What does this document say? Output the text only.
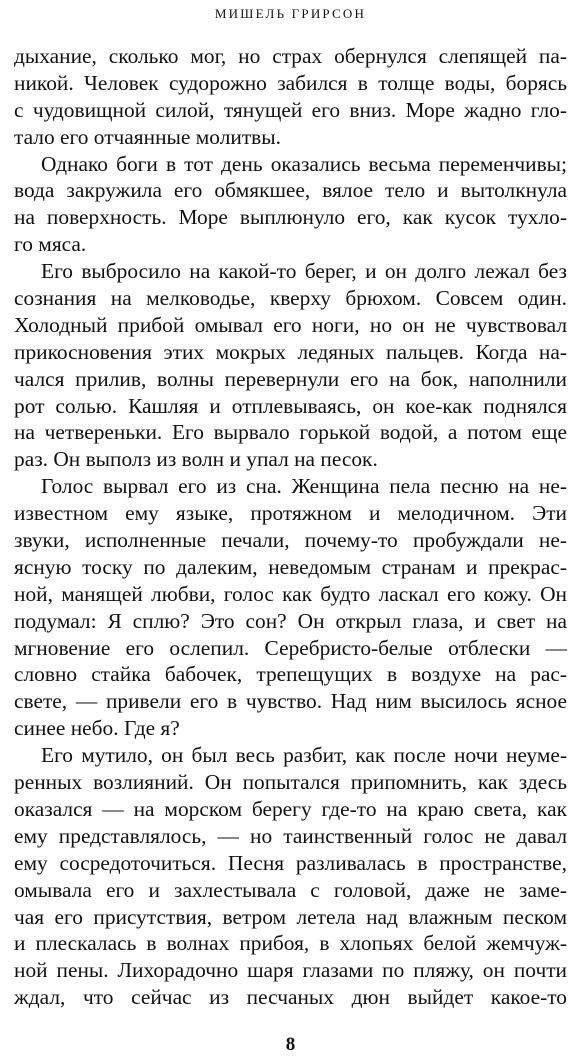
МИШЕЛЬ ГРИРСОН
дыхание, сколько мог, но страх обернулся слепящей па-
никой. Человек судорожно забился в толще воды, борясь
с чудовищной силой, тянущей его вниз. Море жадно гло-
тало его отчаянные молитвы.
Однако боги в тот день оказались весьма переменчивы;
вода закружила его обмякшее, вялое тело и вытолкнула
на поверхность. Море выплюнуло его, как кусок тухло-
го мяса.
Его выбросило на какой-то берег, и он долго лежал без
сознания на мелководье, кверху брюхом. Совсем один.
Холодный прибой омывал его ноги, но он не чувствовал
прикосновения этих мокрых ледяных пальцев. Когда на-
чался прилив, волны перевернули его на бок, наполнили
рот солью. Кашляя и отплевываясь, он кое-как поднялся
на четвереньки. Его вырвало горькой водой, а потом еще
раз. Он выполз из волн и упал на песок.
Голос вырвал его из сна. Женщина пела песню на не-
известном ему языке, протяжном и мелодичном. Эти
звуки, исполненные печали, почему-то пробуждали не-
ясную тоску по далеким, неведомым странам и прекрас-
ной, манящей любви, голос как будто ласкал его кожу. Он
подумал: Я сплю? Это сон? Он открыл глаза, и свет на
мгновение его ослепил. Серебристо-белые отблески —
словно стайка бабочек, трепещущих в воздухе на рас-
свете, — привели его в чувство. Над ним высилось ясное
синее небо. Где я?
Его мутило, он был весь разбит, как после ночи неуме-
ренных возлияний. Он попытался припомнить, как здесь
оказался — на морском берегу где-то на краю света, как
ему представлялось, — но таинственный голос не давал
ему сосредоточиться. Песня разливалась в пространстве,
омывала его и захлестывала с головой, даже не заме-
чая его присутствия, ветром летела над влажным песком
и плескалась в волнах прибоя, в хлопьях белой жемчуж-
ной пены. Лихорадочно шаря глазами по пляжу, он почти
ждал, что сейчас из песчаных дюн выйдет какое-то
8
